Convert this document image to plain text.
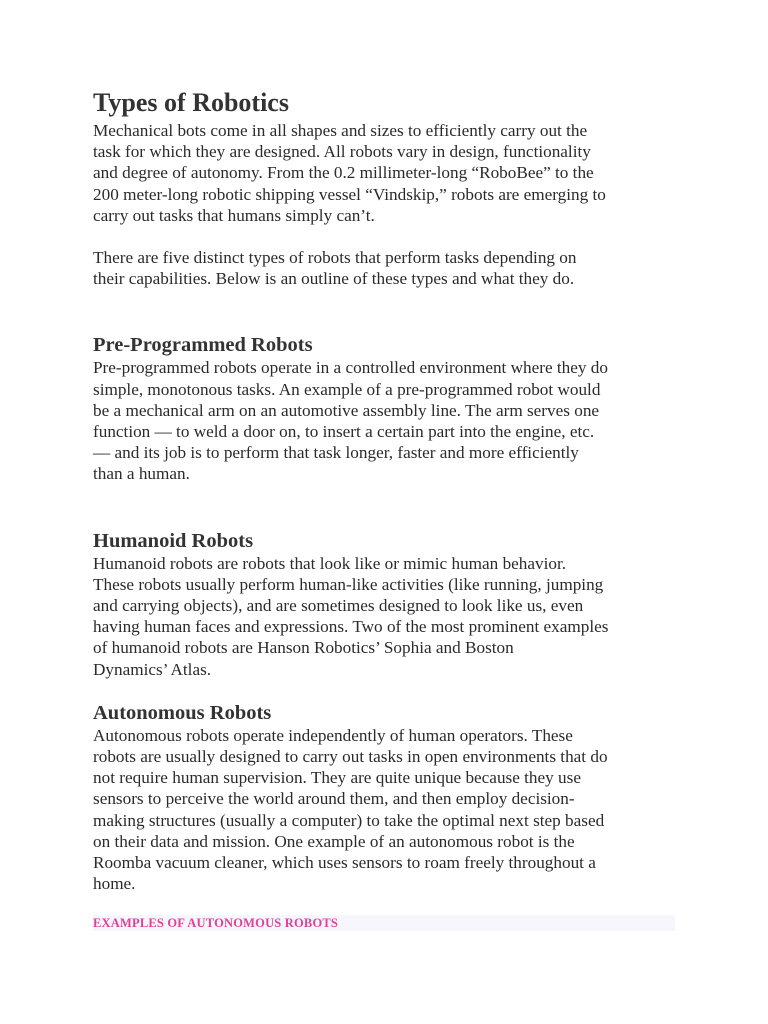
Types of Robotics

Mechanical bots come in all shapes and sizes to efficiently carry out the
task for which they are designed. All robots vary in design, functionality
and degree of autonomy. From the 0.2 millimeter-long “RoboBee” to the
200 meter-long robotic shipping vessel “Vindskip,” robots are emerging to
carry out tasks that humans simply can’t.

There are five distinct types of robots that perform tasks depending on
their capabilities. Below is an outline of these types and what they do.

Pre-Programmed Robots

Pre-programmed robots operate in a controlled environment where they do
simple, monotonous tasks. An example of a pre-programmed robot would
be a mechanical arm on an automotive assembly line. The arm serves one
function — to weld a door on, to insert a certain part into the engine, etc.
— and its job is to perform that task longer, faster and more efficiently
than a human.

Humanoid Robots

Humanoid robots are robots that look like or mimic human behavior.
These robots usually perform human-like activities (like running, jumping
and carrying objects), and are sometimes designed to look like us, even
having human faces and expressions. Two of the most prominent examples
of humanoid robots are Hanson Robotics’ Sophia and Boston
Dynamics’ Atlas.

Autonomous Robots

Autonomous robots operate independently of human operators. These
robots are usually designed to carry out tasks in open environments that do
not require human supervision. They are quite unique because they use
sensors to perceive the world around them, and then employ decision-
making structures (usually a computer) to take the optimal next step based
on their data and mission. One example of an autonomous robot is the
Roomba vacuum cleaner, which uses sensors to roam freely throughout a
home.

EXAMPLES OF AUTONOMOUS ROBOTS
